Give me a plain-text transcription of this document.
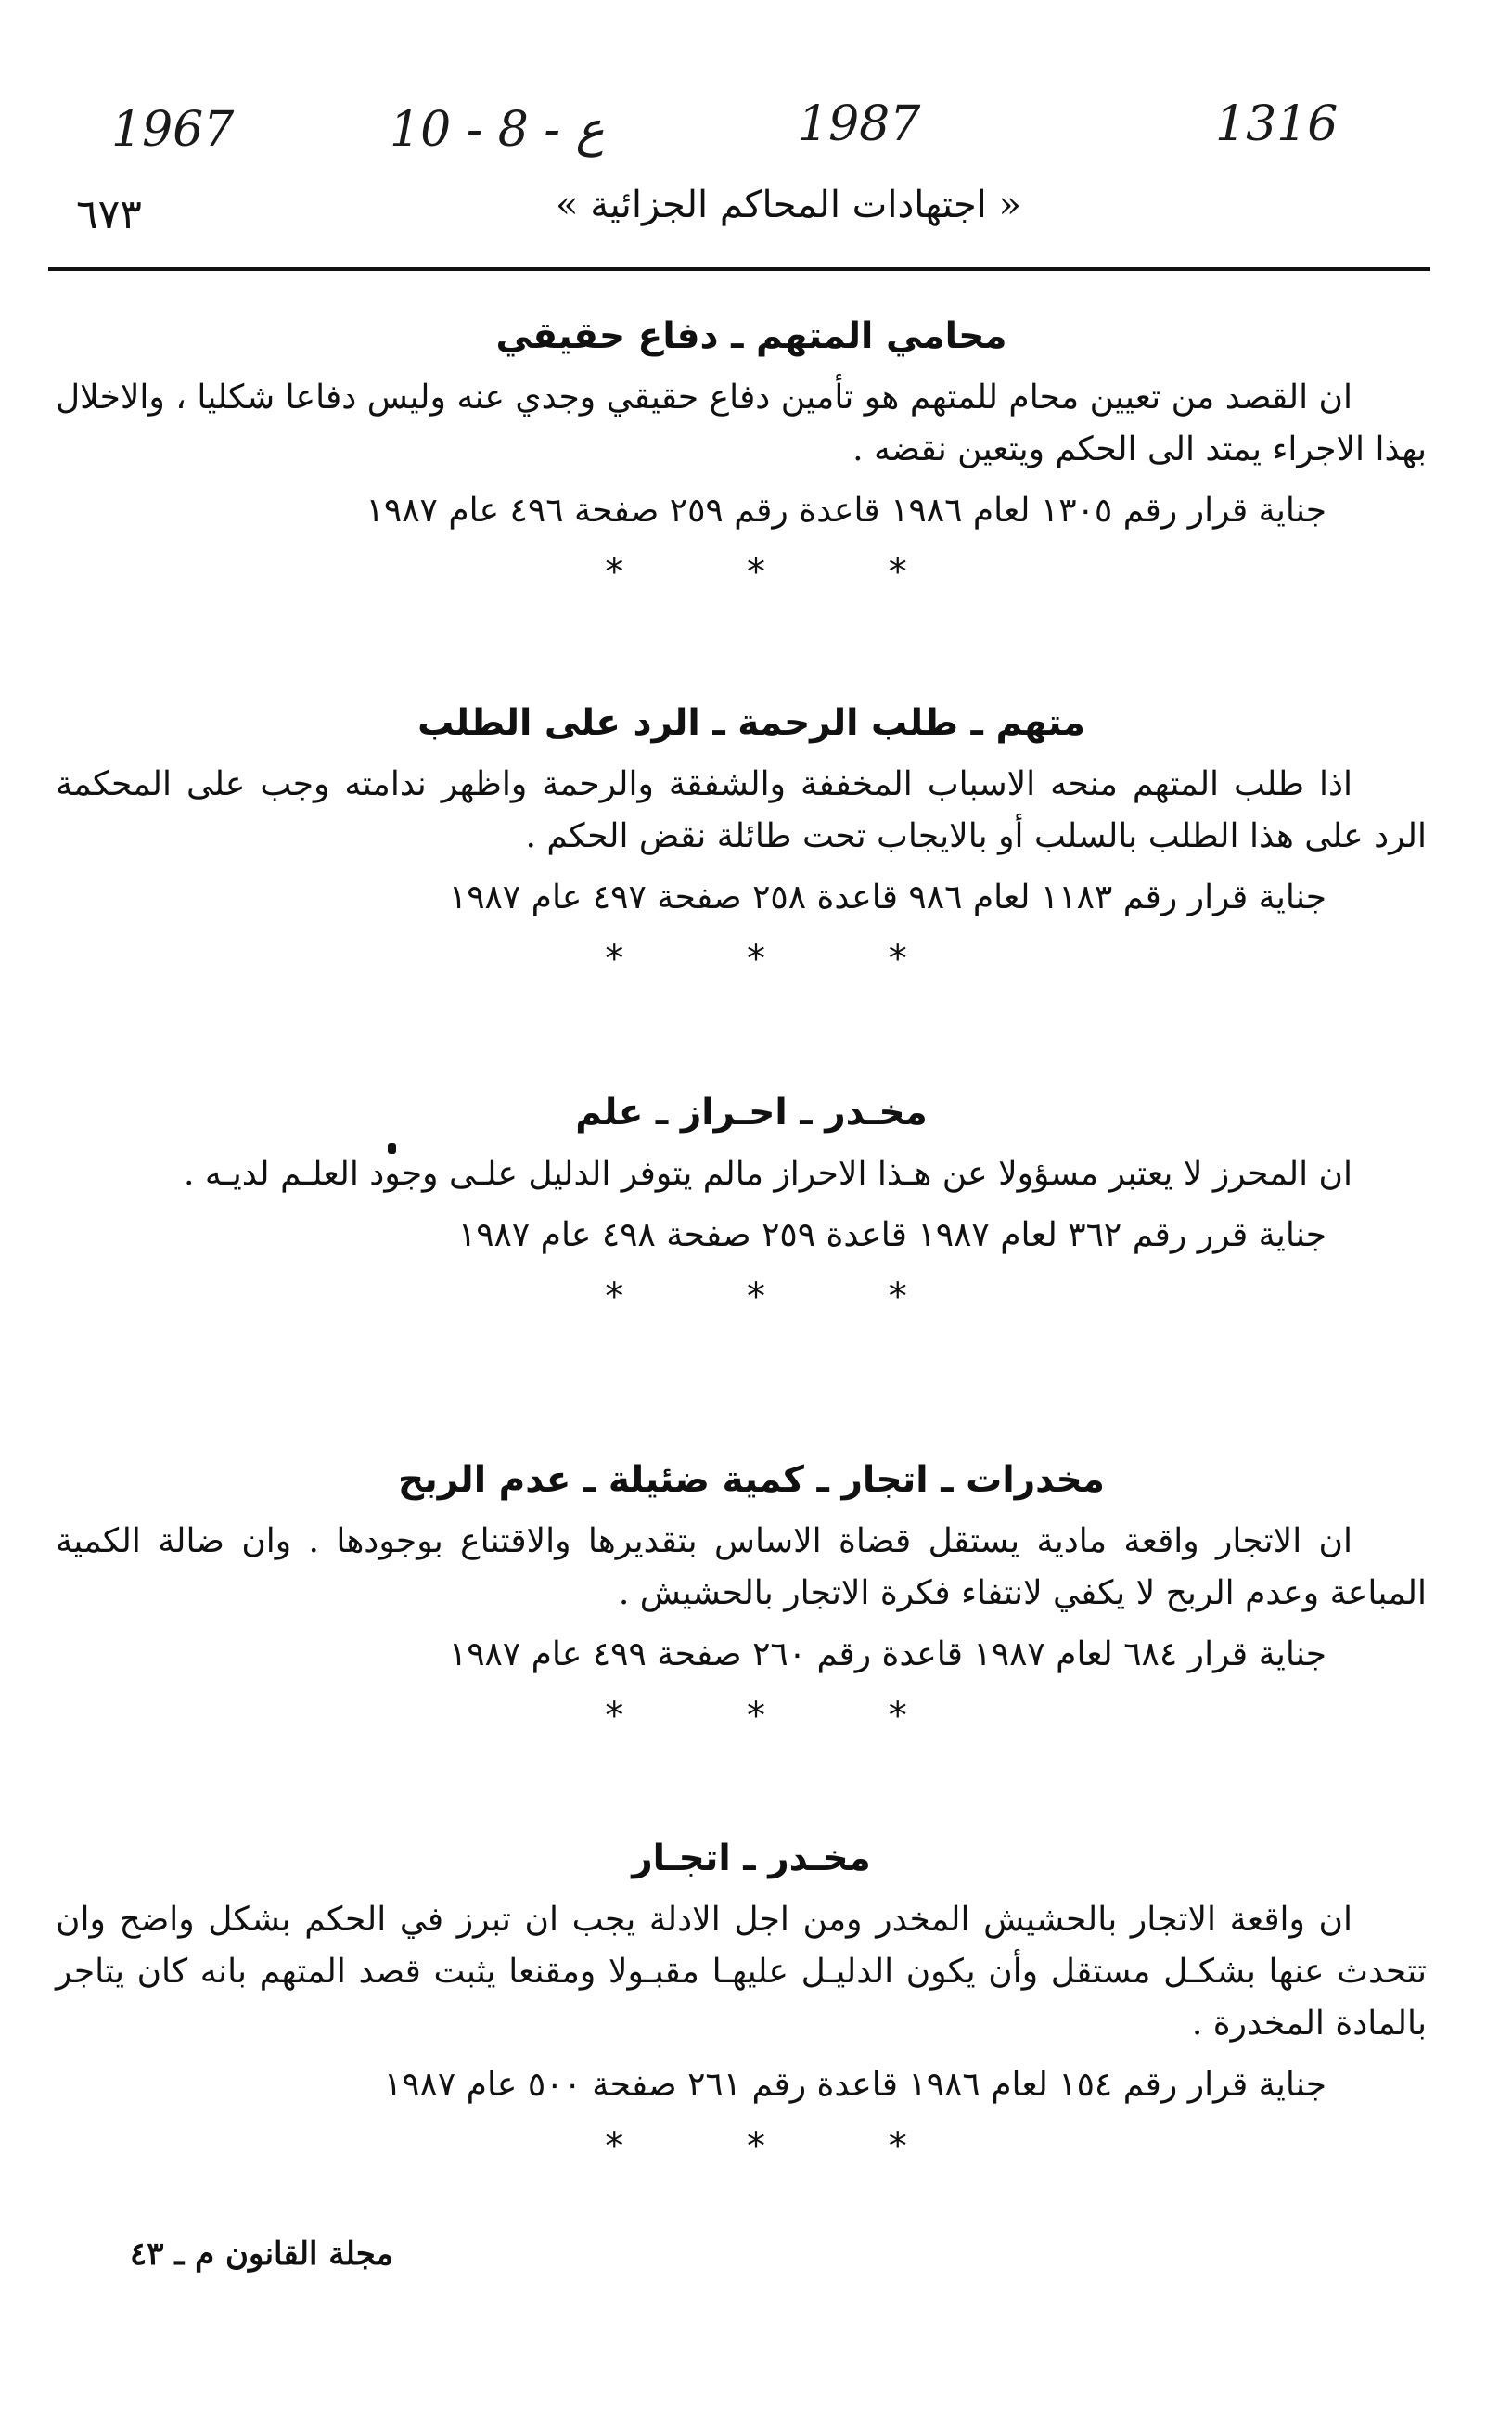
1967	10 - 8 - ع	1987	1316
« اجتهادات المحاكم الجزائية »
٦٧٣
محامي المتهم ـ دفاع حقيقي

ان القصد من تعيين محام للمتهم هو تأمين دفاع حقيقي وجدي عنه وليس دفاعا شكليا ، والاخلال بهذا الاجراء يمتد الى الحكم ويتعين نقضه .

جناية قرار رقم ١٣٠٥ لعام ١٩٨٦ قاعدة رقم ٢٥٩ صفحة ٤٩٦ عام ١٩٨٧
* * *
متهم ـ طلب الرحمة ـ الرد على الطلب

اذا طلب المتهم منحه الاسباب المخففة والشفقة والرحمة واظهر ندامته وجب على المحكمة الرد على هذا الطلب بالسلب أو بالايجاب تحت طائلة نقض الحكم .

جناية قرار رقم ١١٨٣ لعام ٩٨٦ قاعدة ٢٥٨ صفحة ٤٩٧ عام ١٩٨٧
* * *
مخـدر ـ احـراز ـ علم

ان المحرز لا يعتبر مسؤولا عن هـذا الاحراز مالم يتوفر الدليل علـى وجود العلـم لديـه .

جناية قرر رقم ٣٦٢ لعام ١٩٨٧ قاعدة ٢٥٩ صفحة ٤٩٨ عام ١٩٨٧
* * *
مخدرات ـ اتجار ـ كمية ضئيلة ـ عدم الربح

ان الاتجار واقعة مادية يستقل قضاة الاساس بتقديرها والاقتناع بوجودها . وان ضالة الكمية المباعة وعدم الربح لا يكفي لانتفاء فكرة الاتجار بالحشيش .

جناية قرار ٦٨٤ لعام ١٩٨٧ قاعدة رقم ٢٦٠ صفحة ٤٩٩ عام ١٩٨٧
* * *
مخـدر ـ اتجـار

ان واقعة الاتجار بالحشيش المخدر ومن اجل الادلة يجب ان تبرز في الحكم بشكل واضح وان تتحدث عنها بشكـل مستقل وأن يكون الدليـل عليهـا مقبـولا ومقنعا يثبت قصد المتهم بانه كان يتاجر بالمادة المخدرة .

جناية قرار رقم ١٥٤ لعام ١٩٨٦ قاعدة رقم ٢٦١ صفحة ٥٠٠ عام ١٩٨٧
* * *
مجلة القانون م ـ ٤٣
